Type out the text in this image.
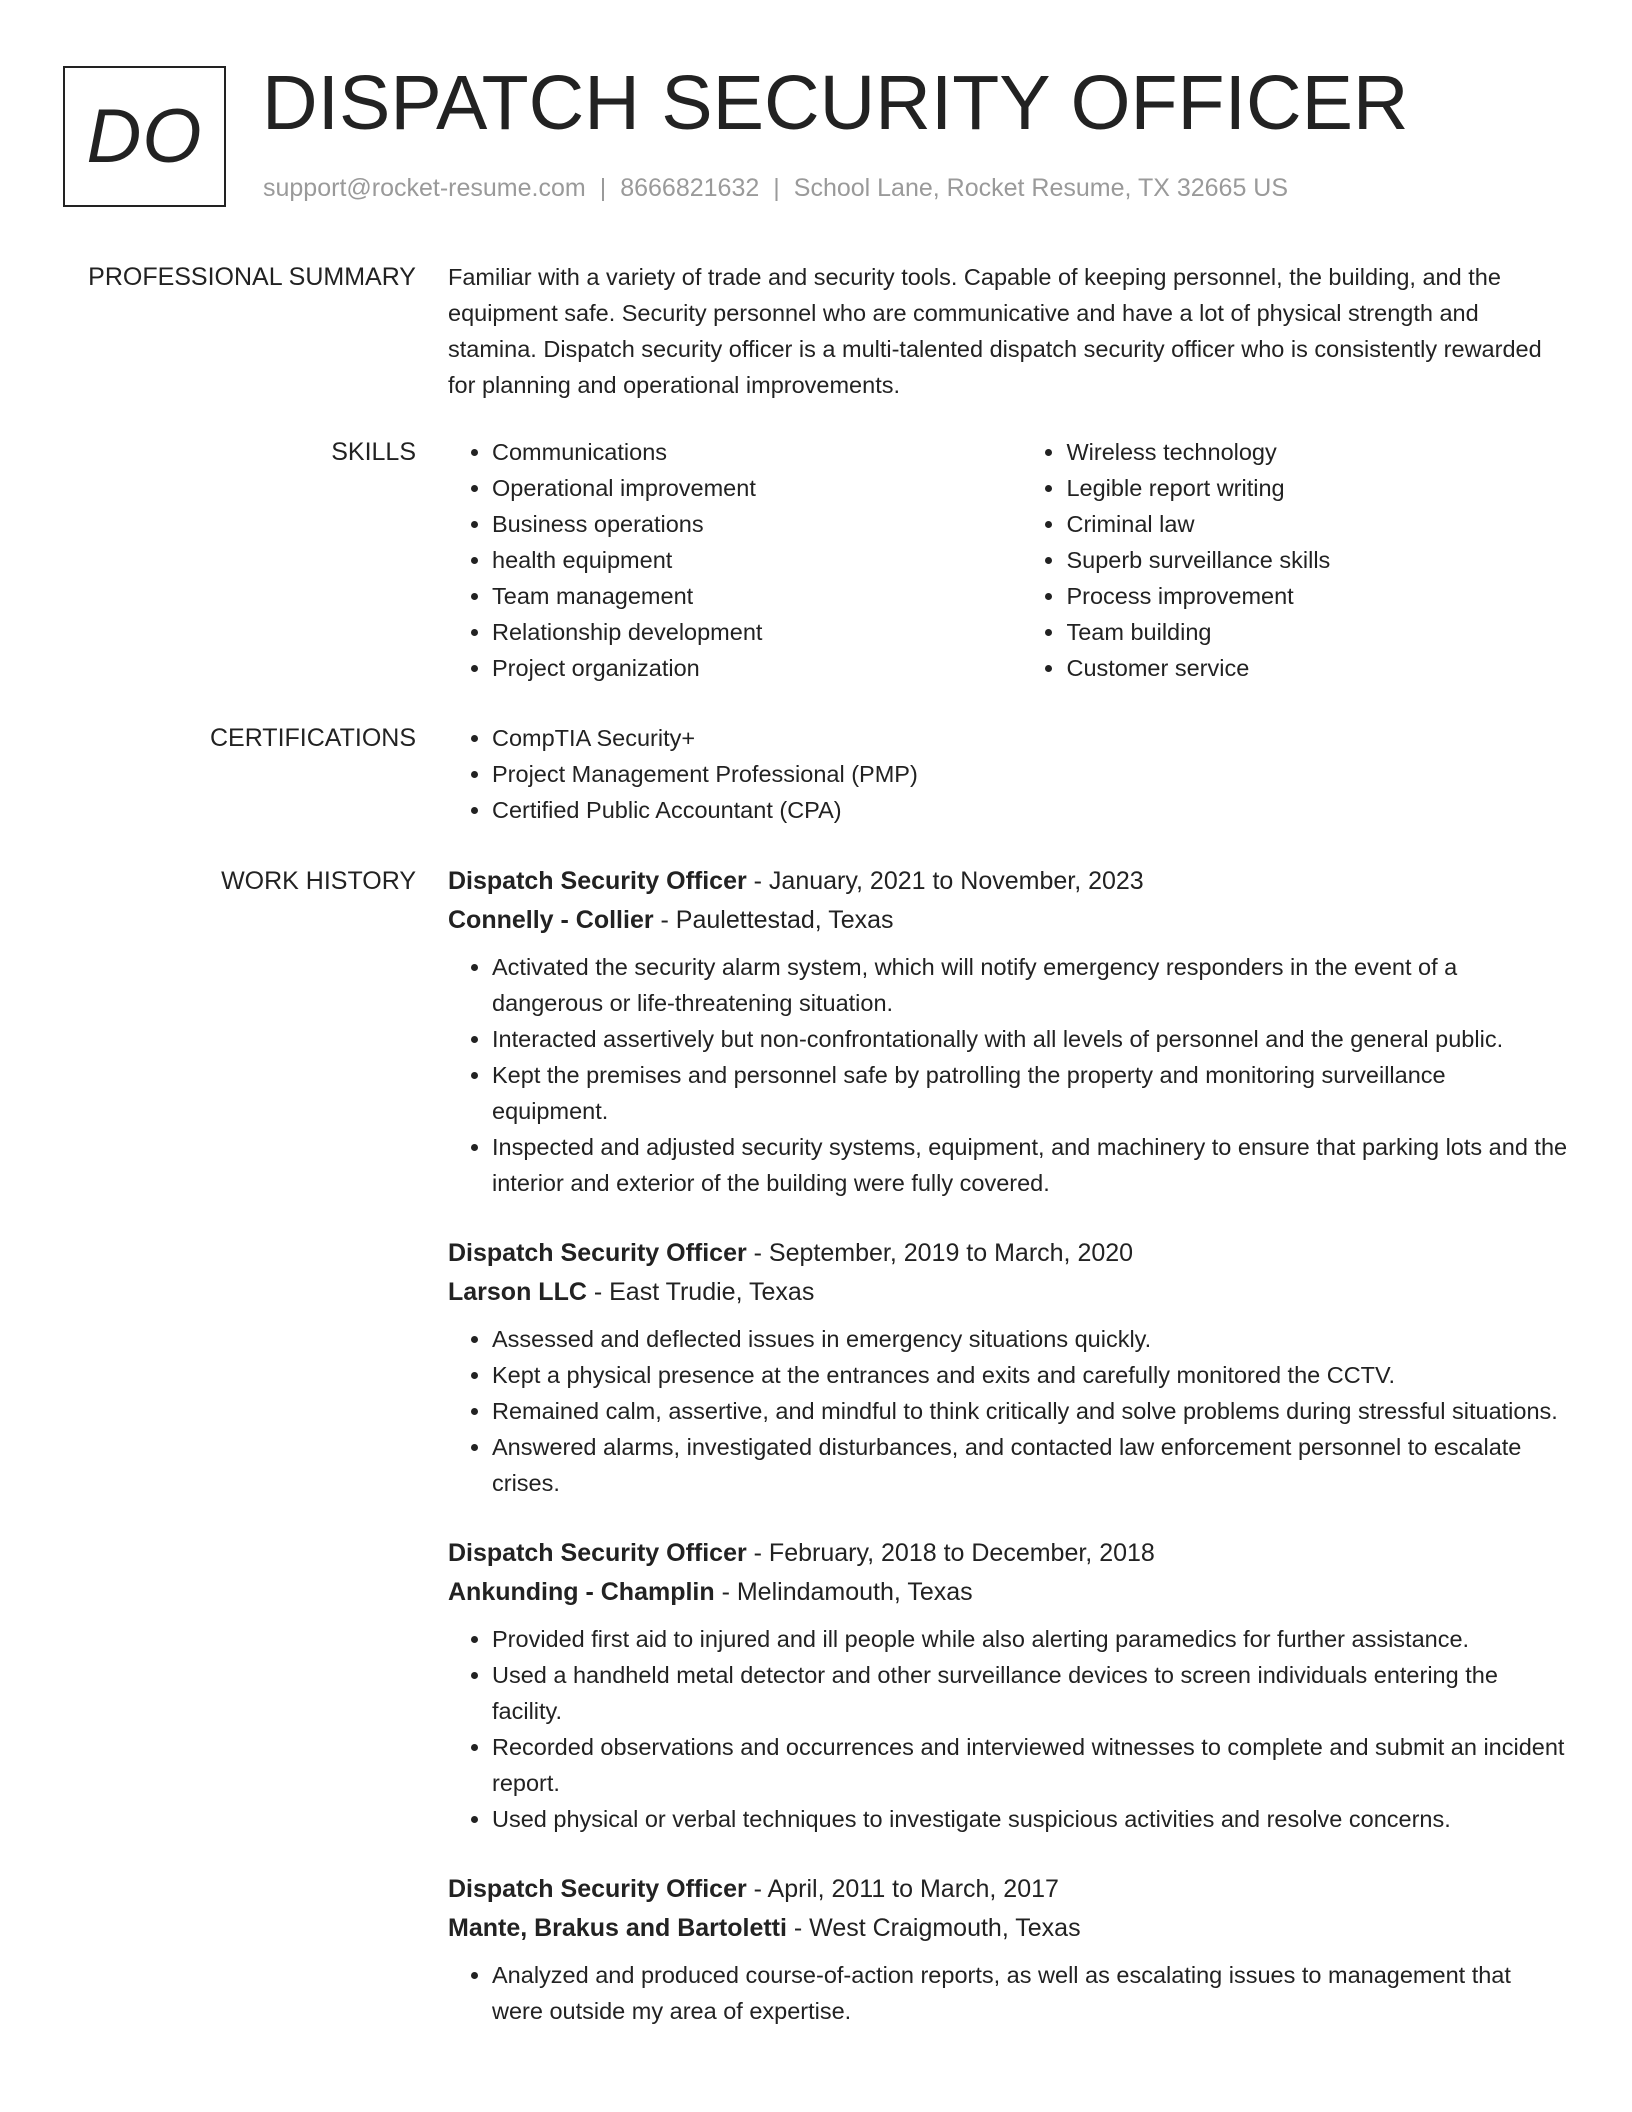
DO DISPATCH SECURITY OFFICER
support@rocket-resume.com | 8666821632 | School Lane, Rocket Resume, TX 32665 US
PROFESSIONAL SUMMARY Familiar with a variety of trade and security tools. Capable of keeping personnel, the building, and the equipment safe. Security personnel who are communicative and have a lot of physical strength and stamina. Dispatch security officer is a multi-talented dispatch security officer who is consistently rewarded for planning and operational improvements.

SKILLS	• Communications
• Operational improvement
• Business operations
• health equipment
• Team management
• Relationship development
• Project organization
• Wireless technology
• Legible report writing
• Criminal law
• Superb surveillance skills
• Process improvement
• Team building
• Customer service
CERTIFICATIONS	• CompTIA Security+
• Project Management Professional (PMP)
• Certified Public Accountant (CPA)
WORK HISTORY Dispatch Security Officer - January, 2021 to November, 2023
Connelly - Collier - Paulettestad, Texas
• Activated the security alarm system, which will notify emergency responders in the event of a dangerous or life-threatening situation.
• Interacted assertively but non-confrontationally with all levels of personnel and the general public.
• Kept the premises and personnel safe by patrolling the property and monitoring surveillance equipment.
• Inspected and adjusted security systems, equipment, and machinery to ensure that parking lots and the interior and exterior of the building were fully covered.
Dispatch Security Officer - September, 2019 to March, 2020
Larson LLC - East Trudie, Texas
• Assessed and deflected issues in emergency situations quickly.
• Kept a physical presence at the entrances and exits and carefully monitored the CCTV.
• Remained calm, assertive, and mindful to think critically and solve problems during stressful situations.
• Answered alarms, investigated disturbances, and contacted law enforcement personnel to escalate crises.
Dispatch Security Officer - February, 2018 to December, 2018
Ankunding - Champlin - Melindamouth, Texas
• Provided first aid to injured and ill people while also alerting paramedics for further assistance.
• Used a handheld metal detector and other surveillance devices to screen individuals entering the facility.
• Recorded observations and occurrences and interviewed witnesses to complete and submit an incident report.
• Used physical or verbal techniques to investigate suspicious activities and resolve concerns.
Dispatch Security Officer - April, 2011 to March, 2017
Mante, Brakus and Bartoletti - West Craigmouth, Texas
• Analyzed and produced course-of-action reports, as well as escalating issues to management that were outside my area of expertise.
